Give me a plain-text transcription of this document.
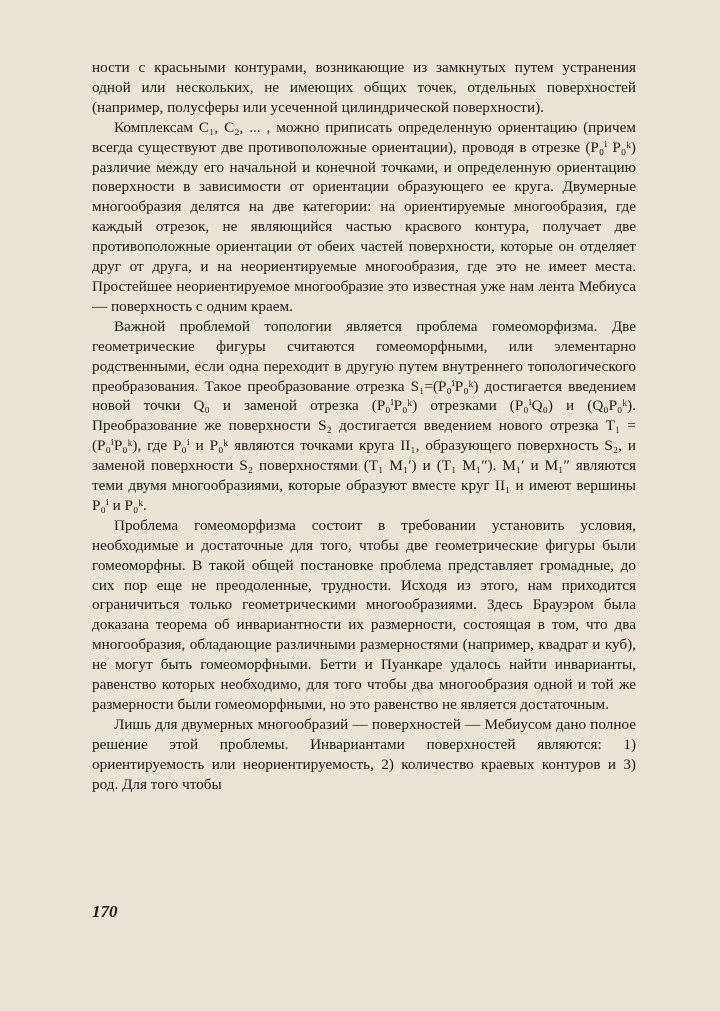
ности с красьными контурами, возникающие из замкнутых путем устранения одной или нескольких, не имеющих общих точек, отдельных поверхностей (например, полусферы или усеченной цилиндрической поверхности).

Комплексам C₁, C₂, ... , можно приписать определенную ориентацию (причем всегда существуют две противоположные ориентации), проводя в отрезке (P₀ⁱ P₀ᵏ) различие между его начальной и конечной точками, и определенную ориентацию поверхности в зависимости от ориентации образующего ее круга. Двумерные многообразия делятся на две категории: на ориентируемые многообразия, где каждый отрезок, не являющийся частью красвого контура, получает две противоположные ориентации от обеих частей поверхности, которые он отделяет друг от друга, и на неориентируемые многообразия, где это не имеет места. Простейшее неориентируемое многообразие это известная уже нам лента Мебиуса — поверхность с одним краем.

Важной проблемой топологии является проблема гомеоморфизма. Две геометрические фигуры считаются гомеоморфными, или элементарно родственными, если одна переходит в другую путем внутреннего топологического преобразования. Такое преобразование отрезка S₁=(P₀ⁱP₀ᵏ) достигается введением новой точки Q₀ и заменой отрезка (P₀ⁱP₀ᵏ) отрезками (P₀ⁱQ₀) и (Q₀P₀ᵏ). Преобразование же поверхности S₂ достигается введением нового отрезка T₁ = (P₀ⁱP₀ᵏ), где P₀ⁱ и P₀ᵏ являются точками круга II₁, образующего поверхность S₂, и заменой поверхности S₂ поверхностями (T₁ M₁′) и (T₁ M₁″). M₁′ и M₁″ являются теми двумя многообразиями, которые образуют вместе круг II₁ и имеют вершины P₀ⁱ и P₀ᵏ.

Проблема гомеоморфизма состоит в требовании установить условия, необходимые и достаточные для того, чтобы две геометрические фигуры были гомеоморфны. В такой общей постановке проблема представляет громадные, до сих пор еще не преодоленные, трудности. Исходя из этого, нам приходится ограничиться только геометрическими многообразиями. Здесь Брауэром была доказана теорема об инвариантности их размерности, состоящая в том, что два многообразия, обладающие различными размерностями (например, квадрат и куб), не могут быть гомеоморфными. Бетти и Пуанкаре удалось найти инварианты, равенство которых необходимо, для того чтобы два многообразия одной и той же размерности были гомеоморфными, но это равенство не является достаточным.

Лишь для двумерных многообразий — поверхностей — Мебиусом дано полное решение этой проблемы. Инвариантами поверхностей являются: 1) ориентируемость или неориентируемость, 2) количество краевых контуров и 3) род. Для того чтобы

170
